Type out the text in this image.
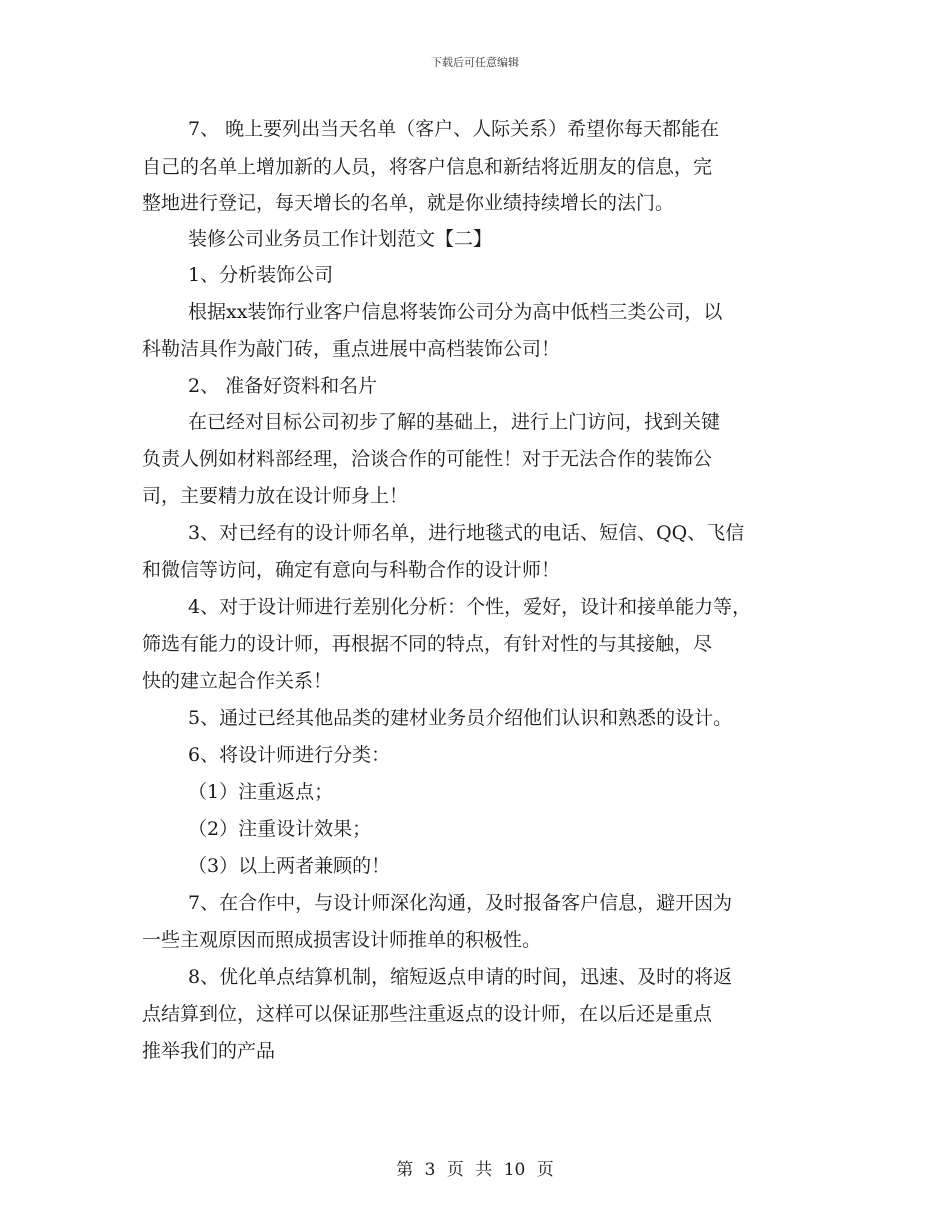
下载后可任意编辑
7、 晚上要列出当天名单（客户、人际关系）希望你每天都能在
自己的名单上增加新的人员，将客户信息和新结将近朋友的信息，完
整地进行登记，每天增长的名单，就是你业绩持续增长的法门。
装修公司业务员工作计划范文【二】
1、分析装饰公司
根据xx装饰行业客户信息将装饰公司分为高中低档三类公司，以
科勒洁具作为敲门砖，重点进展中高档装饰公司！
2、 准备好资料和名片
在已经对目标公司初步了解的基础上，进行上门访问，找到关键
负责人例如材料部经理，洽谈合作的可能性！对于无法合作的装饰公
司，主要精力放在设计师身上！
3、对已经有的设计师名单，进行地毯式的电话、短信、QQ、飞信
和微信等访问，确定有意向与科勒合作的设计师！
4、对于设计师进行差别化分析：个性，爱好，设计和接单能力等，
筛选有能力的设计师，再根据不同的特点，有针对性的与其接触，尽
快的建立起合作关系！
5、通过已经其他品类的建材业务员介绍他们认识和熟悉的设计。
6、将设计师进行分类：
（1）注重返点；
（2）注重设计效果；
（3）以上两者兼顾的！
7、在合作中，与设计师深化沟通，及时报备客户信息，避开因为
一些主观原因而照成损害设计师推单的积极性。
8、优化单点结算机制，缩短返点申请的时间，迅速、及时的将返
点结算到位，这样可以保证那些注重返点的设计师，在以后还是重点
推举我们的产品
第 3 页 共 10 页
